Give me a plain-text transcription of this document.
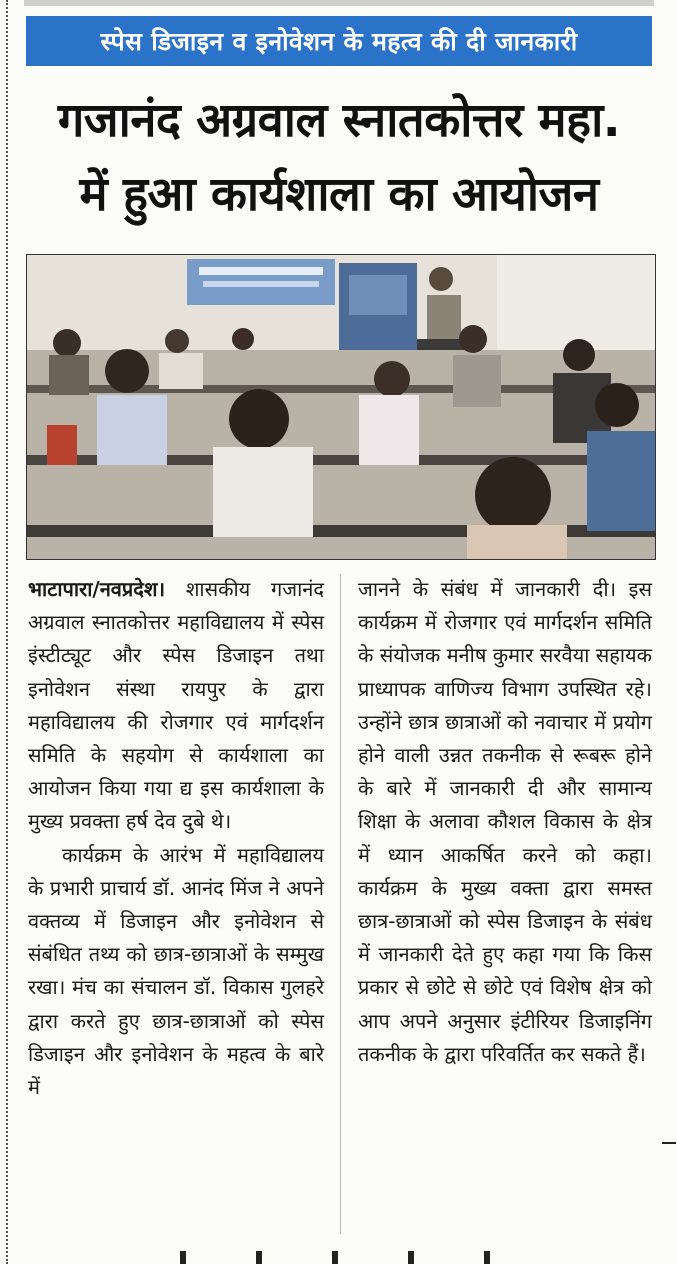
स्पेस डिजाइन व इनोवेशन के महत्व की दी जानकारी
गजानंद अग्रवाल स्नातकोत्तर महा.
में हुआ कार्यशाला का आयोजन

भाटापारा/नवप्रदेश। शासकीय गजानंद अग्रवाल स्नातकोत्तर महाविद्यालय में स्पेस इंस्टीट्यूट और स्पेस डिजाइन तथा इनोवेशन संस्था रायपुर के द्वारा महाविद्यालय की रोजगार एवं मार्गदर्शन समिति के सहयोग से कार्यशाला का आयोजन किया गया द्य इस कार्यशाला के मुख्य प्रवक्ता हर्ष देव दुबे थे।

कार्यक्रम के आरंभ में महाविद्यालय के प्रभारी प्राचार्य डॉ. आनंद मिंज ने अपने वक्तव्य में डिजाइन और इनोवेशन से संबंधित तथ्य को छात्र-छात्राओं के सम्मुख रखा। मंच का संचालन डॉ. विकास गुलहरे द्वारा करते हुए छात्र-छात्राओं को स्पेस डिजाइन और इनोवेशन के महत्व के बारे में

जानने के संबंध में जानकारी दी। इस कार्यक्रम में रोजगार एवं मार्गदर्शन समिति के संयोजक मनीष कुमार सरवैया सहायक प्राध्यापक वाणिज्य विभाग उपस्थित रहे। उन्होंने छात्र छात्राओं को नवाचार में प्रयोग होने वाली उन्नत तकनीक से रूबरू होने के बारे में जानकारी दी और सामान्य शिक्षा के अलावा कौशल विकास के क्षेत्र में ध्यान आकर्षित करने को कहा। कार्यक्रम के मुख्य वक्ता द्वारा समस्त छात्र-छात्राओं को स्पेस डिजाइन के संबंध में जानकारी देते हुए कहा गया कि किस प्रकार से छोटे से छोटे एवं विशेष क्षेत्र को आप अपने अनुसार इंटीरियर डिजाइनिंग तकनीक के द्वारा परिवर्तित कर सकते हैं।
